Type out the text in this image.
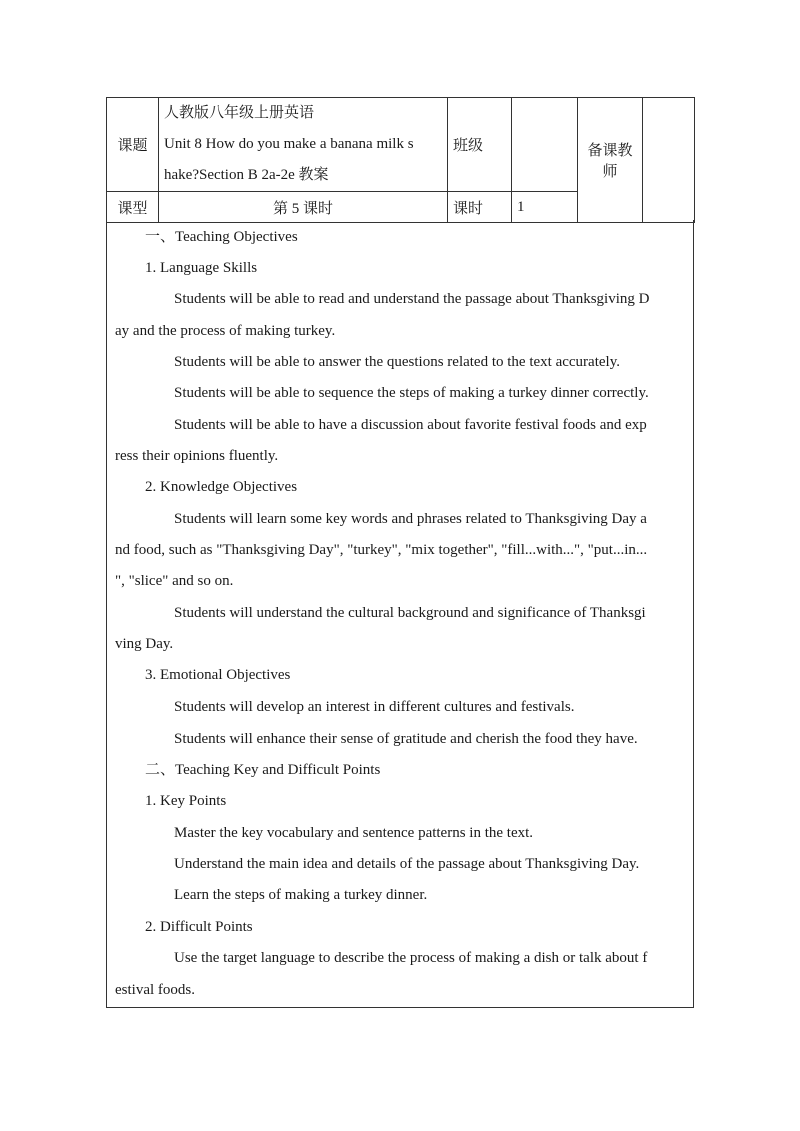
课题	人教版八年级上册英语
Unit 8 How do you make a banana milk s
hake?Section B 2a-2e 教案	班级		备课教师	
课型	第 5 课时	课时	1		
一、Teaching Objectives
1. Language Skills
Students will be able to read and understand the passage about Thanksgiving D
ay and the process of making turkey.
Students will be able to answer the questions related to the text accurately.
Students will be able to sequence the steps of making a turkey dinner correctly.
Students will be able to have a discussion about favorite festival foods and exp
ress their opinions fluently.
2. Knowledge Objectives
Students will learn some key words and phrases related to Thanksgiving Day a
nd food, such as "Thanksgiving Day", "turkey", "mix together", "fill...with...", "put...in...
", "slice" and so on.
Students will understand the cultural background and significance of Thanksgi
ving Day.
3. Emotional Objectives
Students will develop an interest in different cultures and festivals.
Students will enhance their sense of gratitude and cherish the food they have.
二、Teaching Key and Difficult Points
1. Key Points
Master the key vocabulary and sentence patterns in the text.
Understand the main idea and details of the passage about Thanksgiving Day.
Learn the steps of making a turkey dinner.
2. Difficult Points
Use the target language to describe the process of making a dish or talk about f
estival foods.
